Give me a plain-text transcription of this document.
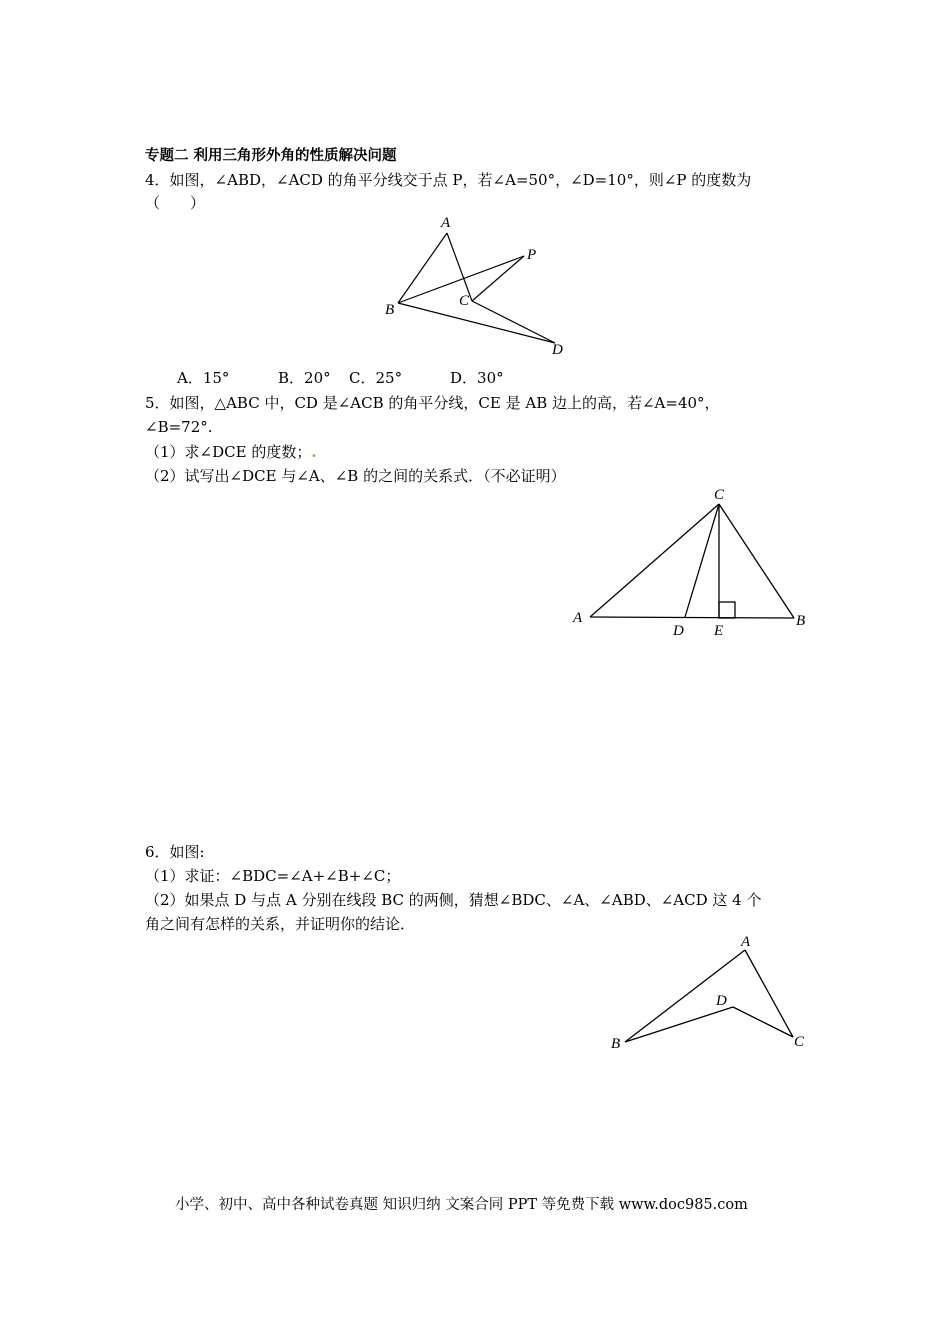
专题二 利用三角形外角的性质解决问题
4．如图，∠ABD，∠ACD 的角平分线交于点 P，若∠A=50°，∠D=10°，则∠P 的度数为
（　　）
A
B
C
D
P
A．15°	B．20° C．25°	D．30°
5．如图，△ABC 中，CD 是∠ACB 的角平分线，CE 是 AB 边上的高，若∠A=40°，
∠B=72°.
（1）求∠DCE 的度数；.
（2）试写出∠DCE 与∠A、∠B 的之间的关系式．（不必证明）
C
A	B
D E
6．如图:
（1）求证：∠BDC=∠A+∠B+∠C；
（2）如果点 D 与点 A 分别在线段 BC 的两侧，猜想∠BDC、∠A、∠ABD、∠ACD 这 4 个
角之间有怎样的关系，并证明你的结论．
A
B	C
D
小学、初中、高中各种试卷真题 知识归纳 文案合同 PPT 等免费下载 www.doc985.com
